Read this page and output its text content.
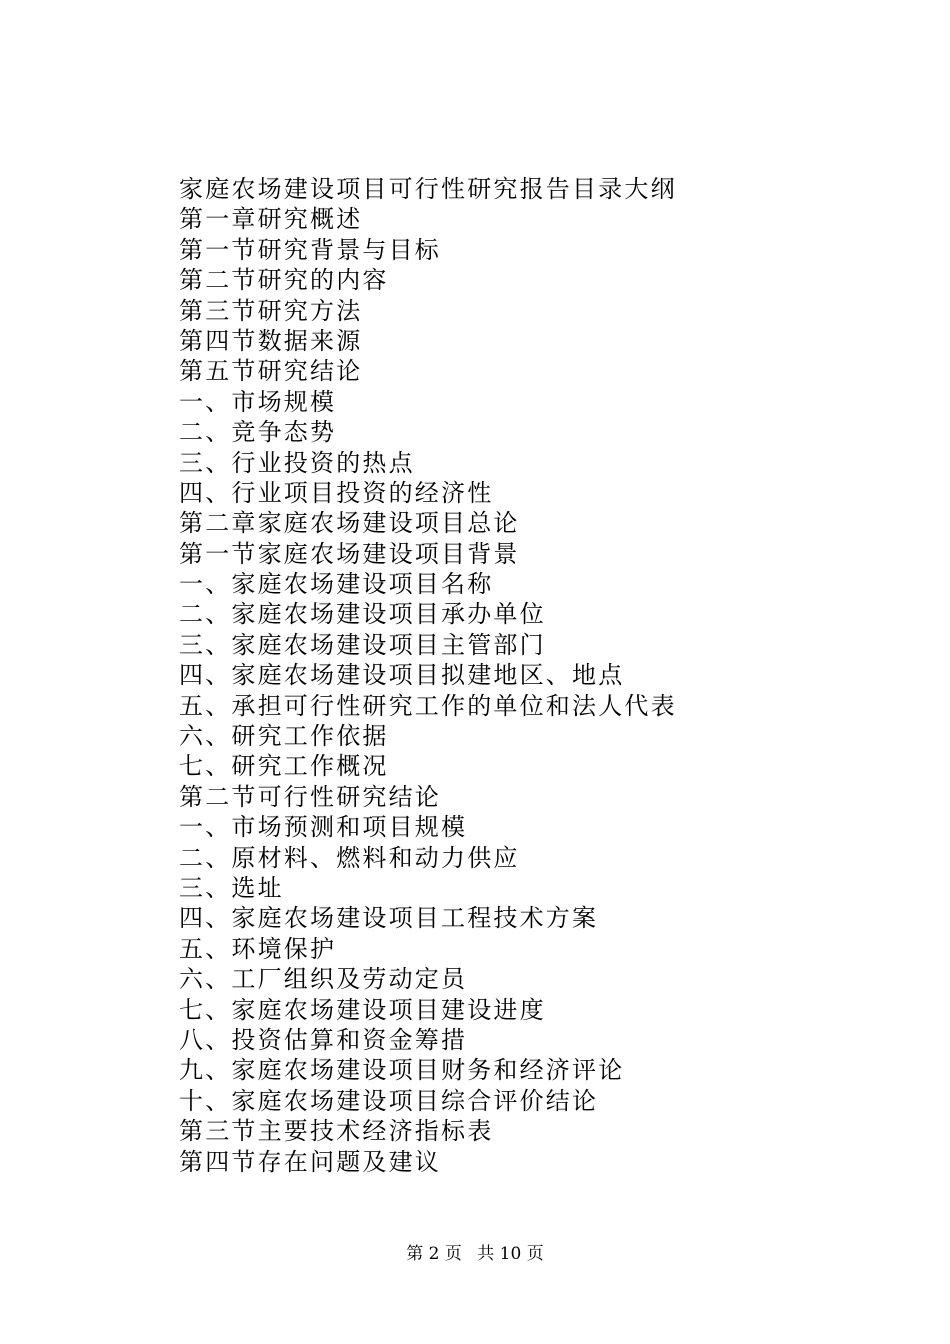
家庭农场建设项目可行性研究报告目录大纲
第一章研究概述
第一节研究背景与目标
第二节研究的内容
第三节研究方法
第四节数据来源
第五节研究结论
一、市场规模
二、竞争态势
三、行业投资的热点
四、行业项目投资的经济性
第二章家庭农场建设项目总论
第一节家庭农场建设项目背景
一、家庭农场建设项目名称
二、家庭农场建设项目承办单位
三、家庭农场建设项目主管部门
四、家庭农场建设项目拟建地区、地点
五、承担可行性研究工作的单位和法人代表
六、研究工作依据
七、研究工作概况
第二节可行性研究结论
一、市场预测和项目规模
二、原材料、燃料和动力供应
三、选址
四、家庭农场建设项目工程技术方案
五、环境保护
六、工厂组织及劳动定员
七、家庭农场建设项目建设进度
八、投资估算和资金筹措
九、家庭农场建设项目财务和经济评论
十、家庭农场建设项目综合评价结论
第三节主要技术经济指标表
第四节存在问题及建议
第 2 页 共 10 页
